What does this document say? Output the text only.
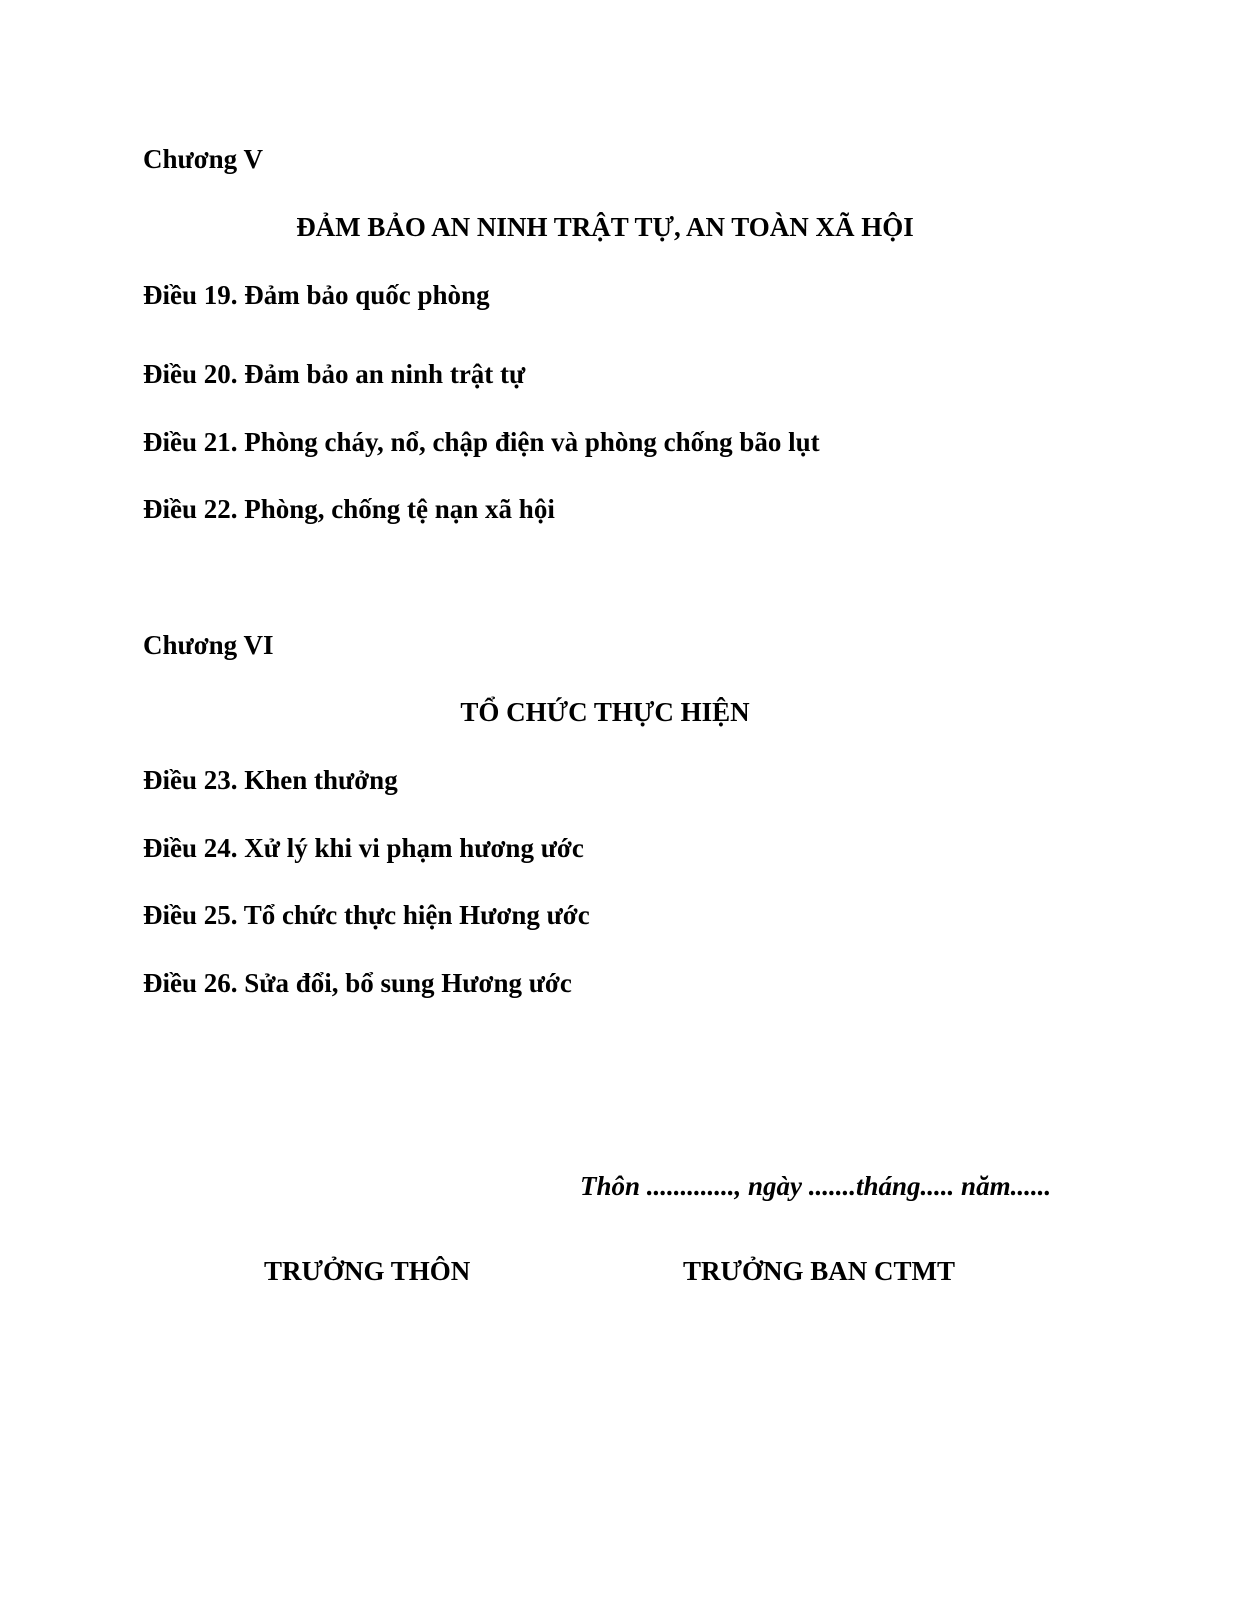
Chương V

ĐẢM BẢO AN NINH TRẬT TỰ, AN TOÀN XÃ HỘI

Điều 19. Đảm bảo quốc phòng

Điều 20. Đảm bảo an ninh trật tự

Điều 21. Phòng cháy, nổ, chập điện và phòng chống bão lụt

Điều 22. Phòng, chống tệ nạn xã hội

Chương VI

TỔ CHỨC THỰC HIỆN

Điều 23. Khen thưởng

Điều 24. Xử lý khi vi phạm hương ước

Điều 25. Tổ chức thực hiện Hương ước

Điều 26. Sửa đổi, bổ sung Hương ước

Thôn ............., ngày .......tháng..... năm......

TRƯỞNG THÔN	TRƯỞNG BAN CTMT
